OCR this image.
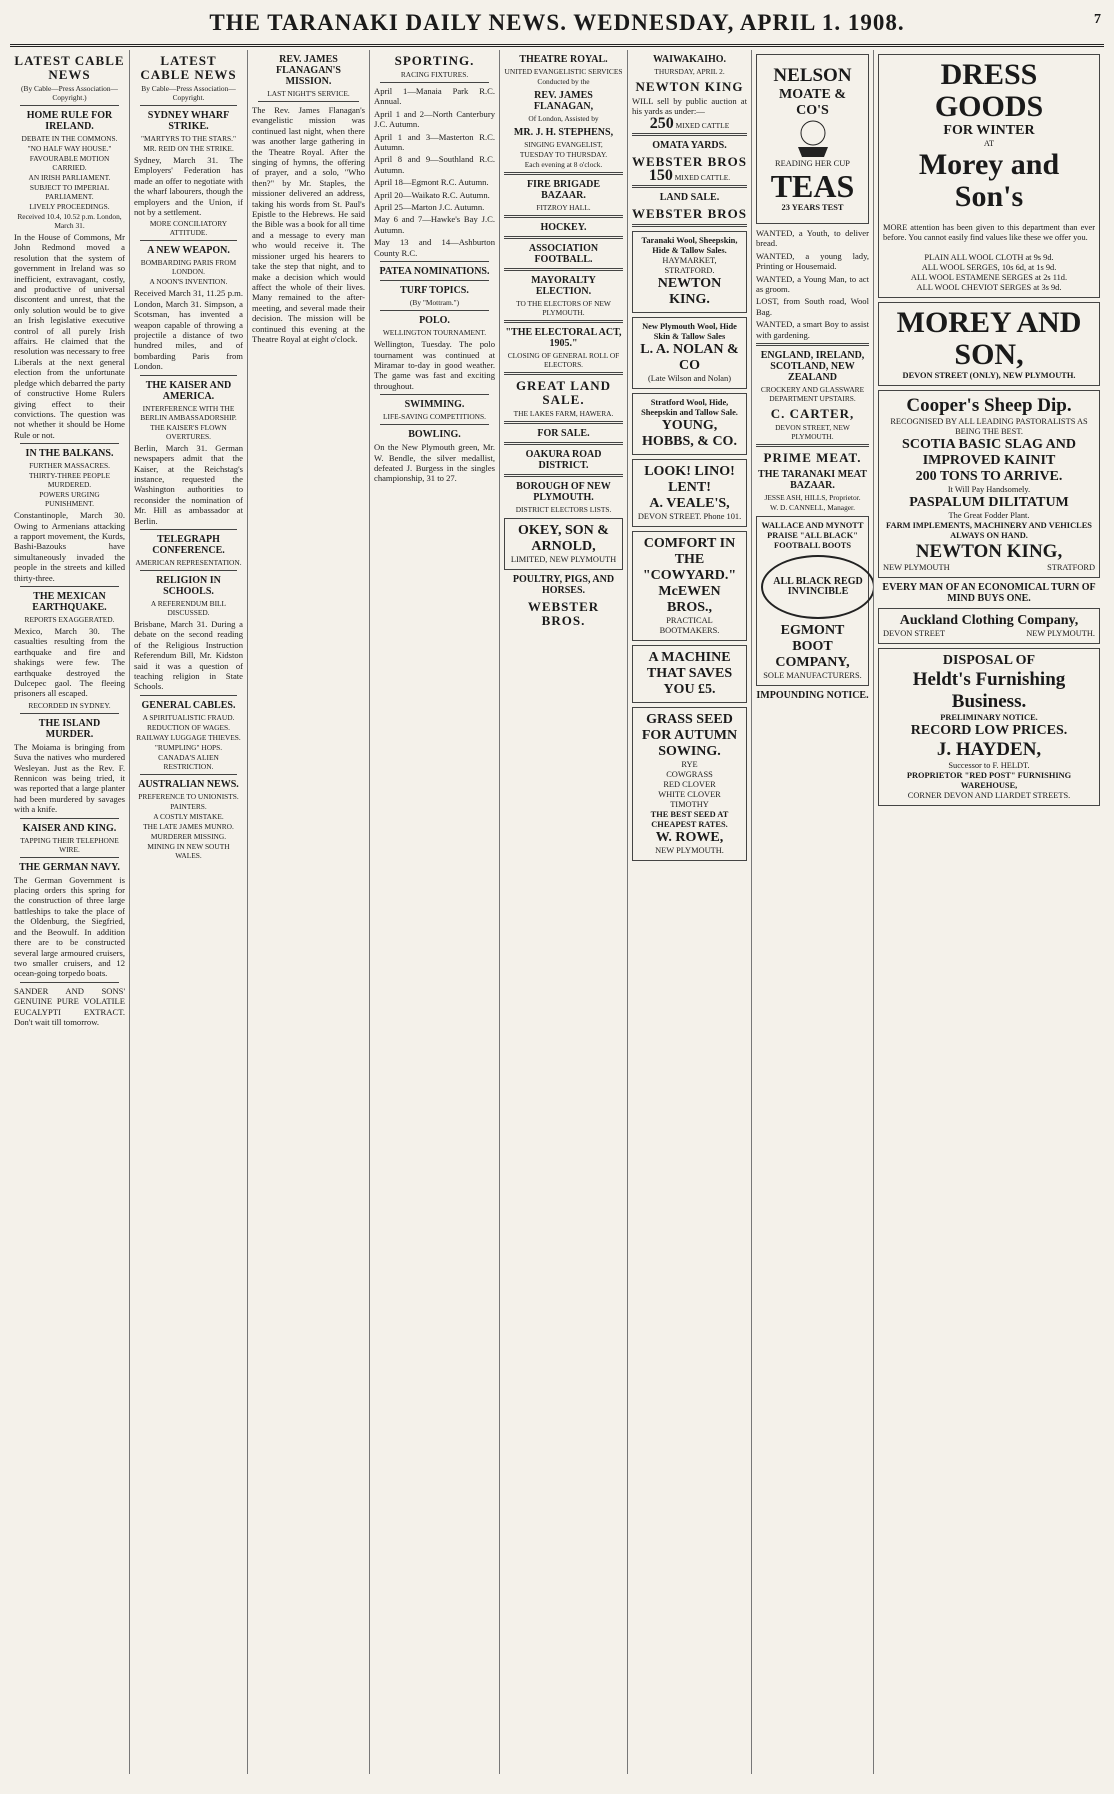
THE TARANAKI DAILY NEWS. WEDNESDAY, APRIL 1. 1908.	7
LATEST CABLE NEWS
(By Cable—Press Association—Copyright.)
HOME RULE FOR IRELAND.
DEBATE IN THE COMMONS.
"NO HALF WAY HOUSE."
FAVOURABLE MOTION CARRIED.
AN IRISH PARLIAMENT.
SUBJECT TO IMPERIAL PARLIAMENT.
LIVELY PROCEEDINGS.
Received 10.4, 10.52 p.m. London, March 31.
In the House of Commons, Mr John Redmond moved a resolution that the system of government in Ireland was so inefficient, extravagant, costly, and productive of universal discontent and unrest, that the only solution would be to give an Irish legislative executive control of all purely Irish affairs. He claimed that the resolution was necessary to free Liberals at the next general election from the unfortunate pledge which debarred the party of constructive Home Rulers giving effect to their convictions. The question was not whether it should be Home Rule or not.
IN THE BALKANS.
FURTHER MASSACRES.
THIRTY-THREE PEOPLE MURDERED.
POWERS URGING PUNISHMENT.
Constantinople, March 30. Owing to Armenians attacking a rapport movement, the Kurds, Bashi-Bazouks have simultaneously invaded the people in the streets and killed thirty-three.
THE MEXICAN EARTHQUAKE.
REPORTS EXAGGERATED.
Mexico, March 30. The casualties resulting from the earthquake and fire and shakings were few. The earthquake destroyed the Dulcepec gaol. The fleeing prisoners all escaped.
RECORDED IN SYDNEY.
THE ISLAND MURDER.
The Moiama is bringing from Suva the natives who murdered Wesleyan. Just as the Rev. F. Rennicon was being tried, it was reported that a large planter had been murdered by savages with a knife.
KAISER AND KING.
TAPPING THEIR TELEPHONE WIRE.
THE GERMAN NAVY.
The German Government is placing orders this spring for the construction of three large battleships to take the place of the Oldenburg, the Siegfried, and the Beowulf. In addition there are to be constructed several large armoured cruisers, two smaller cruisers, and 12 ocean-going torpedo boats.
SANDER AND SONS' GENUINE PURE VOLATILE EUCALYPTI EXTRACT. Don't wait till tomorrow.
LATEST CABLE NEWS
By Cable—Press Association—Copyright.
SYDNEY WHARF STRIKE.
"MARTYRS TO THE STARS."
MR. REID ON THE STRIKE.
Sydney, March 31. The Employers' Federation has made an offer to negotiate with the wharf labourers, though the employers and the Union, if not by a settlement.
MORE CONCILIATORY ATTITUDE.
A NEW WEAPON.
BOMBARDING PARIS FROM LONDON.
A NOON'S INVENTION.
Received March 31, 11.25 p.m. London, March 31. Simpson, a Scotsman, has invented a weapon capable of throwing a projectile a distance of two hundred miles, and of bombarding Paris from London.
THE KAISER AND AMERICA.
INTERFERENCE WITH THE BERLIN AMBASSADORSHIP.
THE KAISER'S FLOWN OVERTURES.
Berlin, March 31. German newspapers admit that the Kaiser, at the Reichstag's instance, requested the Washington authorities to reconsider the nomination of Mr. Hill as ambassador at Berlin.
TELEGRAPH CONFERENCE.
AMERICAN REPRESENTATION.
RELIGION IN SCHOOLS.
A REFERENDUM BILL DISCUSSED.
Brisbane, March 31. During a debate on the second reading of the Religious Instruction Referendum Bill, Mr. Kidston said it was a question of teaching religion in State Schools.
GENERAL CABLES.
A SPIRITUALISTIC FRAUD.
REDUCTION OF WAGES.
RAILWAY LUGGAGE THIEVES.
"RUMPLING" HOPS.
CANADA'S ALIEN RESTRICTION.
AUSTRALIAN NEWS.
PREFERENCE TO UNIONISTS.
PAINTERS.
A COSTLY MISTAKE.
THE LATE JAMES MUNRO.
MURDERER MISSING.
MINING IN NEW SOUTH WALES.
REV. JAMES FLANAGAN'S MISSION.
LAST NIGHT'S SERVICE.
The Rev. James Flanagan's evangelistic mission was continued last night, when there was another large gathering in the Theatre Royal. After the singing of hymns, the offering of prayer, and a solo, "Who then?" by Mr. Staples, the missioner delivered an address, taking his words from St. Paul's Epistle to the Hebrews. He said the Bible was a book for all time and a message to every man who would receive it. The missioner urged his hearers to take the step that night, and to make a decision which would affect the whole of their lives. Many remained to the after-meeting, and several made their decision. The mission will be continued this evening at the Theatre Royal at eight o'clock.
SPORTING.
RACING FIXTURES.
April 1—Manaia Park R.C. Annual.
April 1 and 2—North Canterbury J.C. Autumn.
April 1 and 3—Masterton R.C. Autumn.
April 8 and 9—Southland R.C. Autumn.
April 18—Egmont R.C. Autumn.
April 20—Waikato R.C. Autumn.
April 25—Marton J.C. Autumn.
May 6 and 7—Hawke's Bay J.C. Autumn.
May 13 and 14—Ashburton County R.C.
PATEA NOMINATIONS.
TURF TOPICS.
(By "Mottram.")
POLO.
WELLINGTON TOURNAMENT.
Wellington, Tuesday. The polo tournament was continued at Miramar to-day in good weather. The game was fast and exciting throughout.
SWIMMING.
LIFE-SAVING COMPETITIONS.
BOWLING.
On the New Plymouth green, Mr. W. Bendle, the silver medallist, defeated J. Burgess in the singles championship, 31 to 27.
THEATRE ROYAL.
UNITED EVANGELISTIC SERVICES
Conducted by the
REV. JAMES FLANAGAN,
Of London, Assisted by
MR. J. H. STEPHENS,
SINGING EVANGELIST,
TUESDAY TO THURSDAY.
Each evening at 8 o'clock.
FIRE BRIGADE BAZAAR.
FITZROY HALL.
HOCKEY.
ASSOCIATION FOOTBALL.
MAYORALTY ELECTION.
TO THE ELECTORS OF NEW PLYMOUTH.
"THE ELECTORAL ACT, 1905."
CLOSING OF GENERAL ROLL OF ELECTORS.
GREAT LAND SALE.
THE LAKES FARM, HAWERA.
FOR SALE.
OAKURA ROAD DISTRICT.
BOROUGH OF NEW PLYMOUTH.
DISTRICT ELECTORS LISTS.
OKEY, SON & ARNOLD,
LIMITED, NEW PLYMOUTH
POULTRY, PIGS, AND HORSES.
WEBSTER BROS.
WAIWAKAIHO.
THURSDAY, APRIL 2.
NEWTON KING
WILL sell by public auction at his yards as under:—
250 MIXED CATTLE
OMATA YARDS.
WEBSTER BROS
150 MIXED CATTLE.
LAND SALE.
WEBSTER BROS
Taranaki Wool, Sheepskin, Hide & Tallow Sales.
HAYMARKET, STRATFORD.
NEWTON KING.
New Plymouth Wool, Hide Skin & Tallow Sales
L. A. NOLAN & CO
(Late Wilson and Nolan)
Stratford Wool, Hide, Sheepskin and Tallow Sale.
YOUNG, HOBBS, & CO.
LOOK! LINO! LENT!
A. VEALE'S,
DEVON STREET. Phone 101.
COMFORT IN THE "COWYARD."
McEWEN BROS.,
PRACTICAL BOOTMAKERS.
A MACHINE THAT SAVES YOU £5.
GRASS SEED FOR AUTUMN SOWING.
RYE
COWGRASS
RED CLOVER
WHITE CLOVER
TIMOTHY
THE BEST SEED AT CHEAPEST RATES.
W. ROWE,
NEW PLYMOUTH.
NELSON
MOATE & CO'S
READING HER CUP
TEAS
23 YEARS TEST
WANTED, a Youth, to deliver bread.
WANTED, a young lady, Printing or Housemaid.
WANTED, a Young Man, to act as groom.
LOST, from South road, Wool Bag.
WANTED, a smart Boy to assist with gardening.
ENGLAND, IRELAND, SCOTLAND, NEW ZEALAND
CROCKERY AND GLASSWARE DEPARTMENT UPSTAIRS.
C. CARTER,
DEVON STREET, NEW PLYMOUTH.
PRIME MEAT.
THE TARANAKI MEAT BAZAAR.
JESSE ASH, HILLS, Proprietor.
W. D. CANNELL, Manager.
WALLACE AND MYNOTT PRAISE "ALL BLACK" FOOTBALL BOOTS
ALL BLACK REGD INVINCIBLE
EGMONT BOOT COMPANY,
SOLE MANUFACTURERS.
IMPOUNDING NOTICE.
DRESS GOODS
FOR WINTER
AT
Morey and Son's
MORE attention has been given to this department than ever before. You cannot easily find values like these we offer you.
PLAIN ALL WOOL CLOTH at 9s 9d.
ALL WOOL SERGES, 10s 6d, at 1s 9d.
ALL WOOL ESTAMENE SERGES at 2s 11d.
ALL WOOL CHEVIOT SERGES at 3s 9d.
MOREY AND SON,
DEVON STREET (ONLY), NEW PLYMOUTH.
Cooper's Sheep Dip.
RECOGNISED BY ALL LEADING PASTORALISTS AS BEING THE BEST.
SCOTIA BASIC SLAG AND IMPROVED KAINIT
200 TONS TO ARRIVE.
It Will Pay Handsomely.
PASPALUM DILITATUM
The Great Fodder Plant.
FARM IMPLEMENTS, MACHINERY AND VEHICLES ALWAYS ON HAND.
NEWTON KING,
NEW PLYMOUTH	STRATFORD
EVERY MAN OF AN ECONOMICAL TURN OF MIND BUYS ONE.
Auckland Clothing Company,
DEVON STREET	NEW PLYMOUTH.
DISPOSAL OF
Heldt's Furnishing Business.
PRELIMINARY NOTICE.
RECORD LOW PRICES.
J. HAYDEN,
Successor to F. HELDT.
PROPRIETOR "RED POST" FURNISHING WAREHOUSE,
CORNER DEVON AND LIARDET STREETS.
